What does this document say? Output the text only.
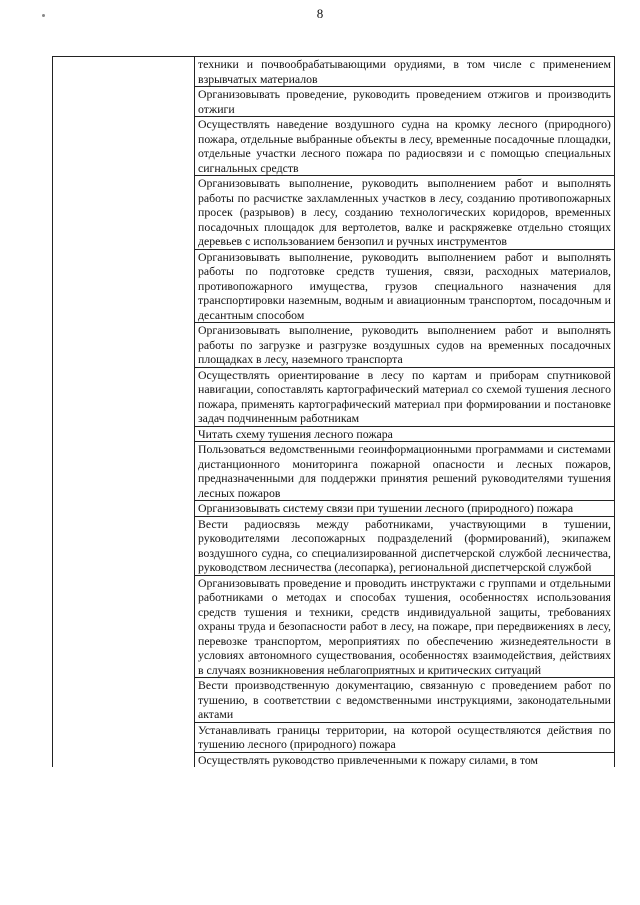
8
	техники и почвообрабатывающими орудиями, в том числе с применением взрывчатых материалов
Организовывать проведение, руководить проведением отжигов и производить отжиги
Осуществлять наведение воздушного судна на кромку лесного (природного) пожара, отдельные выбранные объекты в лесу, временные посадочные площадки, отдельные участки лесного пожара по радиосвязи и с помощью специальных сигнальных средств
Организовывать выполнение, руководить выполнением работ и выполнять работы по расчистке захламленных участков в лесу, созданию противопожарных просек (разрывов) в лесу, созданию технологических коридоров, временных посадочных площадок для вертолетов, валке и раскряжевке отдельно стоящих деревьев с использованием бензопил и ручных инструментов
Организовывать выполнение, руководить выполнением работ и выполнять работы по подготовке средств тушения, связи, расходных материалов, противопожарного имущества, грузов специального назначения для транспортировки наземным, водным и авиационным транспортом, посадочным и десантным способом
Организовывать выполнение, руководить выполнением работ и выполнять работы по загрузке и разгрузке воздушных судов на временных посадочных площадках в лесу, наземного транспорта
Осуществлять ориентирование в лесу по картам и приборам спутниковой навигации, сопоставлять картографический материал со схемой тушения лесного пожара, применять картографический материал при формировании и постановке задач подчиненным работникам
Читать схему тушения лесного пожара
Пользоваться ведомственными геоинформационными программами и системами дистанционного мониторинга пожарной опасности и лесных пожаров, предназначенными для поддержки принятия решений руководителями тушения лесных пожаров
Организовывать систему связи при тушении лесного (природного) пожара
Вести радиосвязь между работниками, участвующими в тушении, руководителями лесопожарных подразделений (формирований), экипажем воздушного судна, со специализированной диспетчерской службой лесничества, руководством лесничества (лесопарка), региональной диспетчерской службой
Организовывать проведение и проводить инструктажи с группами и отдельными работниками о методах и способах тушения, особенностях использования средств тушения и техники, средств индивидуальной защиты, требованиях охраны труда и безопасности работ в лесу, на пожаре, при передвижениях в лесу, перевозке транспортом, мероприятиях по обеспечению жизнедеятельности в условиях автономного существования, особенностях взаимодействия, действиях в случаях возникновения неблагоприятных и критических ситуаций
Вести производственную документацию, связанную с проведением работ по тушению, в соответствии с ведомственными инструкциями, законодательными актами
Устанавливать границы территории, на которой осуществляются действия по тушению лесного (природного) пожара
Осуществлять руководство привлеченными к пожару силами, в том
